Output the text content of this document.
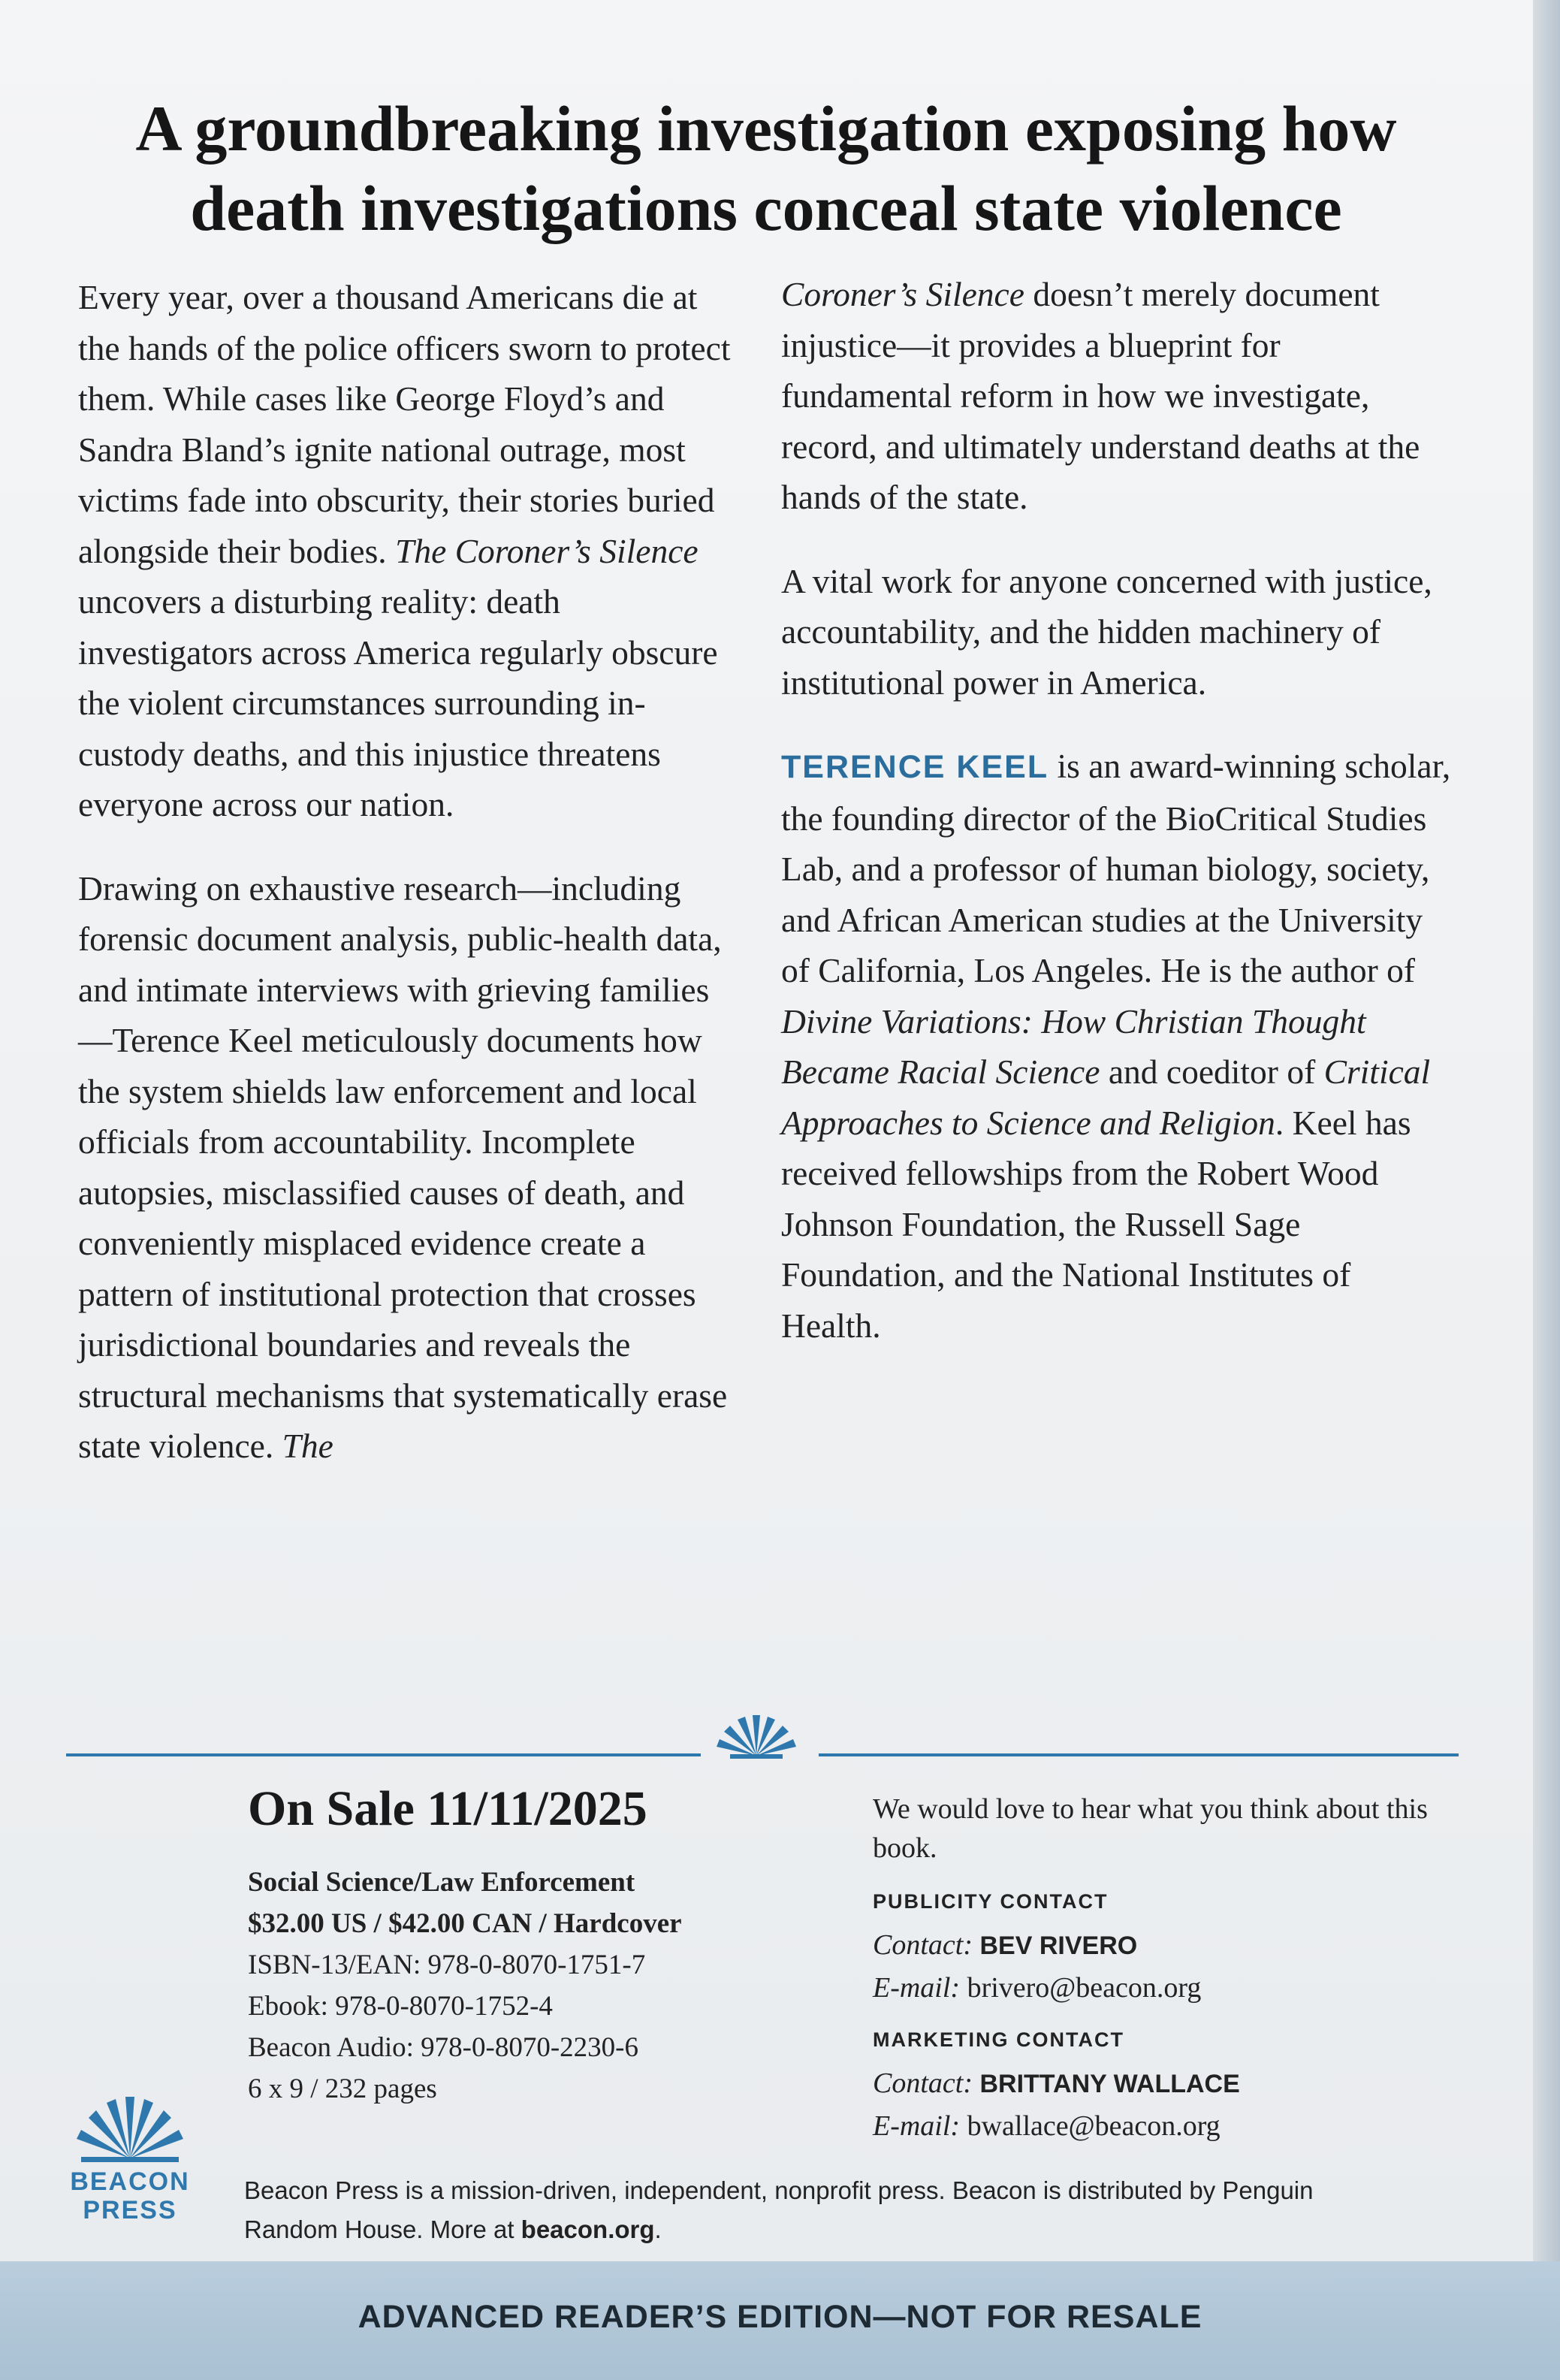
A groundbreaking investigation exposing how death investigations conceal state violence

Every year, over a thousand Americans die at the hands of the police officers sworn to protect them. While cases like George Floyd’s and Sandra Bland’s ignite national outrage, most victims fade into obscurity, their stories buried alongside their bodies. The Coroner’s Silence uncovers a disturbing reality: death investigators across America regularly obscure the violent circumstances surrounding in-custody deaths, and this injustice threatens everyone across our nation.

Drawing on exhaustive research—including forensic document analysis, public-health data, and intimate interviews with grieving families—Terence Keel meticulously documents how the system shields law enforcement and local officials from accountability. Incomplete autopsies, misclassified causes of death, and conveniently misplaced evidence create a pattern of institutional protection that crosses jurisdictional boundaries and reveals the structural mechanisms that systematically erase state violence. The

Coroner’s Silence doesn’t merely document injustice—it provides a blueprint for fundamental reform in how we investigate, record, and ultimately understand deaths at the hands of the state.

A vital work for anyone concerned with justice, accountability, and the hidden machinery of institutional power in America.

TERENCE KEEL is an award-winning scholar, the founding director of the BioCritical Studies Lab, and a professor of human biology, society, and African American studies at the University of California, Los Angeles. He is the author of Divine Variations: How Christian Thought Became Racial Science and coeditor of Critical Approaches to Science and Religion. Keel has received fellowships from the Robert Wood Johnson Foundation, the Russell Sage Foundation, and the National Institutes of Health.

On Sale 11/11/2025
Social Science/Law Enforcement
$32.00 US / $42.00 CAN / Hardcover
ISBN-13/EAN: 978-0-8070-1751-7
Ebook: 978-0-8070-1752-4
Beacon Audio: 978-0-8070-2230-6
6 x 9 / 232 pages
We would love to hear what you think about this book.
PUBLICITY CONTACT
Contact: BEV RIVERO
E-mail: brivero@beacon.org
MARKETING CONTACT
Contact: BRITTANY WALLACE
E-mail: bwallace@beacon.org
BEACON
PRESS
Beacon Press is a mission-driven, independent, nonprofit press. Beacon is distributed by Penguin Random House. More at beacon.org.
ADVANCED READER’S EDITION—NOT FOR RESALE
